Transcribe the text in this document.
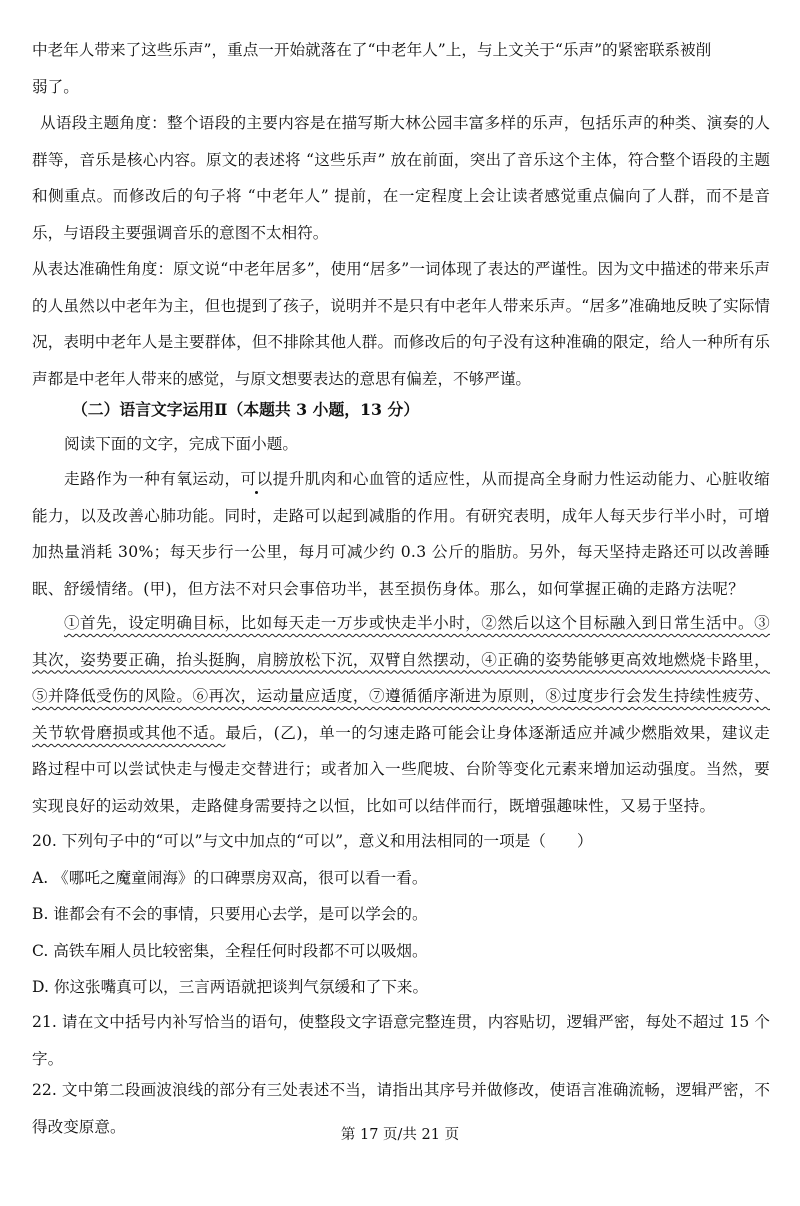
中老年人带来了这些乐声”，重点一开始就落在了“中老年人”上，与上文关于“乐声”的紧密联系被削
弱了。

从语段主题角度：整个语段的主要内容是在描写斯大林公园丰富多样的乐声，包括乐声的种类、演奏的人群等，音乐是核心内容。原文的表述将 “这些乐声” 放在前面，突出了音乐这个主体，符合整个语段的主题和侧重点。而修改后的句子将 “中老年人” 提前，在一定程度上会让读者感觉重点偏向了人群，而不是音乐，与语段主要强调音乐的意图不太相符。

从表达准确性角度：原文说“中老年居多”，使用“居多”一词体现了表达的严谨性。因为文中描述的带来乐声的人虽然以中老年为主，但也提到了孩子，说明并不是只有中老年人带来乐声。“居多”准确地反映了实际情况，表明中老年人是主要群体，但不排除其他人群。而修改后的句子没有这种准确的限定，给人一种所有乐声都是中老年人带来的感觉，与原文想要表达的意思有偏差，不够严谨。

（二）语言文字运用Ⅱ（本题共 3 小题，13 分）

阅读下面的文字，完成下面小题。

走路作为一种有氧运动，可以提升肌肉和心血管的适应性，从而提高全身耐力性运动能力、心脏收缩能力，以及改善心肺功能。同时，走路可以起到减脂的作用。有研究表明，成年人每天步行半小时，可增加热量消耗 30%；每天步行一公里，每月可减少约 0.3 公斤的脂肪。另外，每天坚持走路还可以改善睡眠、舒缓情绪。(甲)，但方法不对只会事倍功半，甚至损伤身体。那么，如何掌握正确的走路方法呢？

①首先，设定明确目标，比如每天走一万步或快走半小时，②然后以这个目标融入到日常生活中。③其次，姿势要正确，抬头挺胸，肩膀放松下沉，双臂自然摆动，④正确的姿势能够更高效地燃烧卡路里，⑤并降低受伤的风险。⑥再次，运动量应适度，⑦遵循循序渐进为原则，⑧过度步行会发生持续性疲劳、关节软骨磨损或其他不适。最后，(乙)，单一的匀速走路可能会让身体逐渐适应并减少燃脂效果，建议走路过程中可以尝试快走与慢走交替进行；或者加入一些爬坡、台阶等变化元素来增加运动强度。当然，要实现良好的运动效果，走路健身需要持之以恒，比如可以结伴而行，既增强趣味性，又易于坚持。

20. 下列句子中的“可以”与文中加点的“可以”，意义和用法相同的一项是（　　）
A. 《哪吒之魔童闹海》的口碑票房双高，很可以看一看。
B. 谁都会有不会的事情，只要用心去学，是可以学会的。
C. 高铁车厢人员比较密集，全程任何时段都不可以吸烟。
D. 你这张嘴真可以，三言两语就把谈判气氛缓和了下来。

21. 请在文中括号内补写恰当的语句，使整段文字语意完整连贯，内容贴切，逻辑严密，每处不超过 15 个字。

22. 文中第二段画波浪线的部分有三处表述不当，请指出其序号并做修改，使语言准确流畅，逻辑严密，不得改变原意。	第 17 页/共 21 页
